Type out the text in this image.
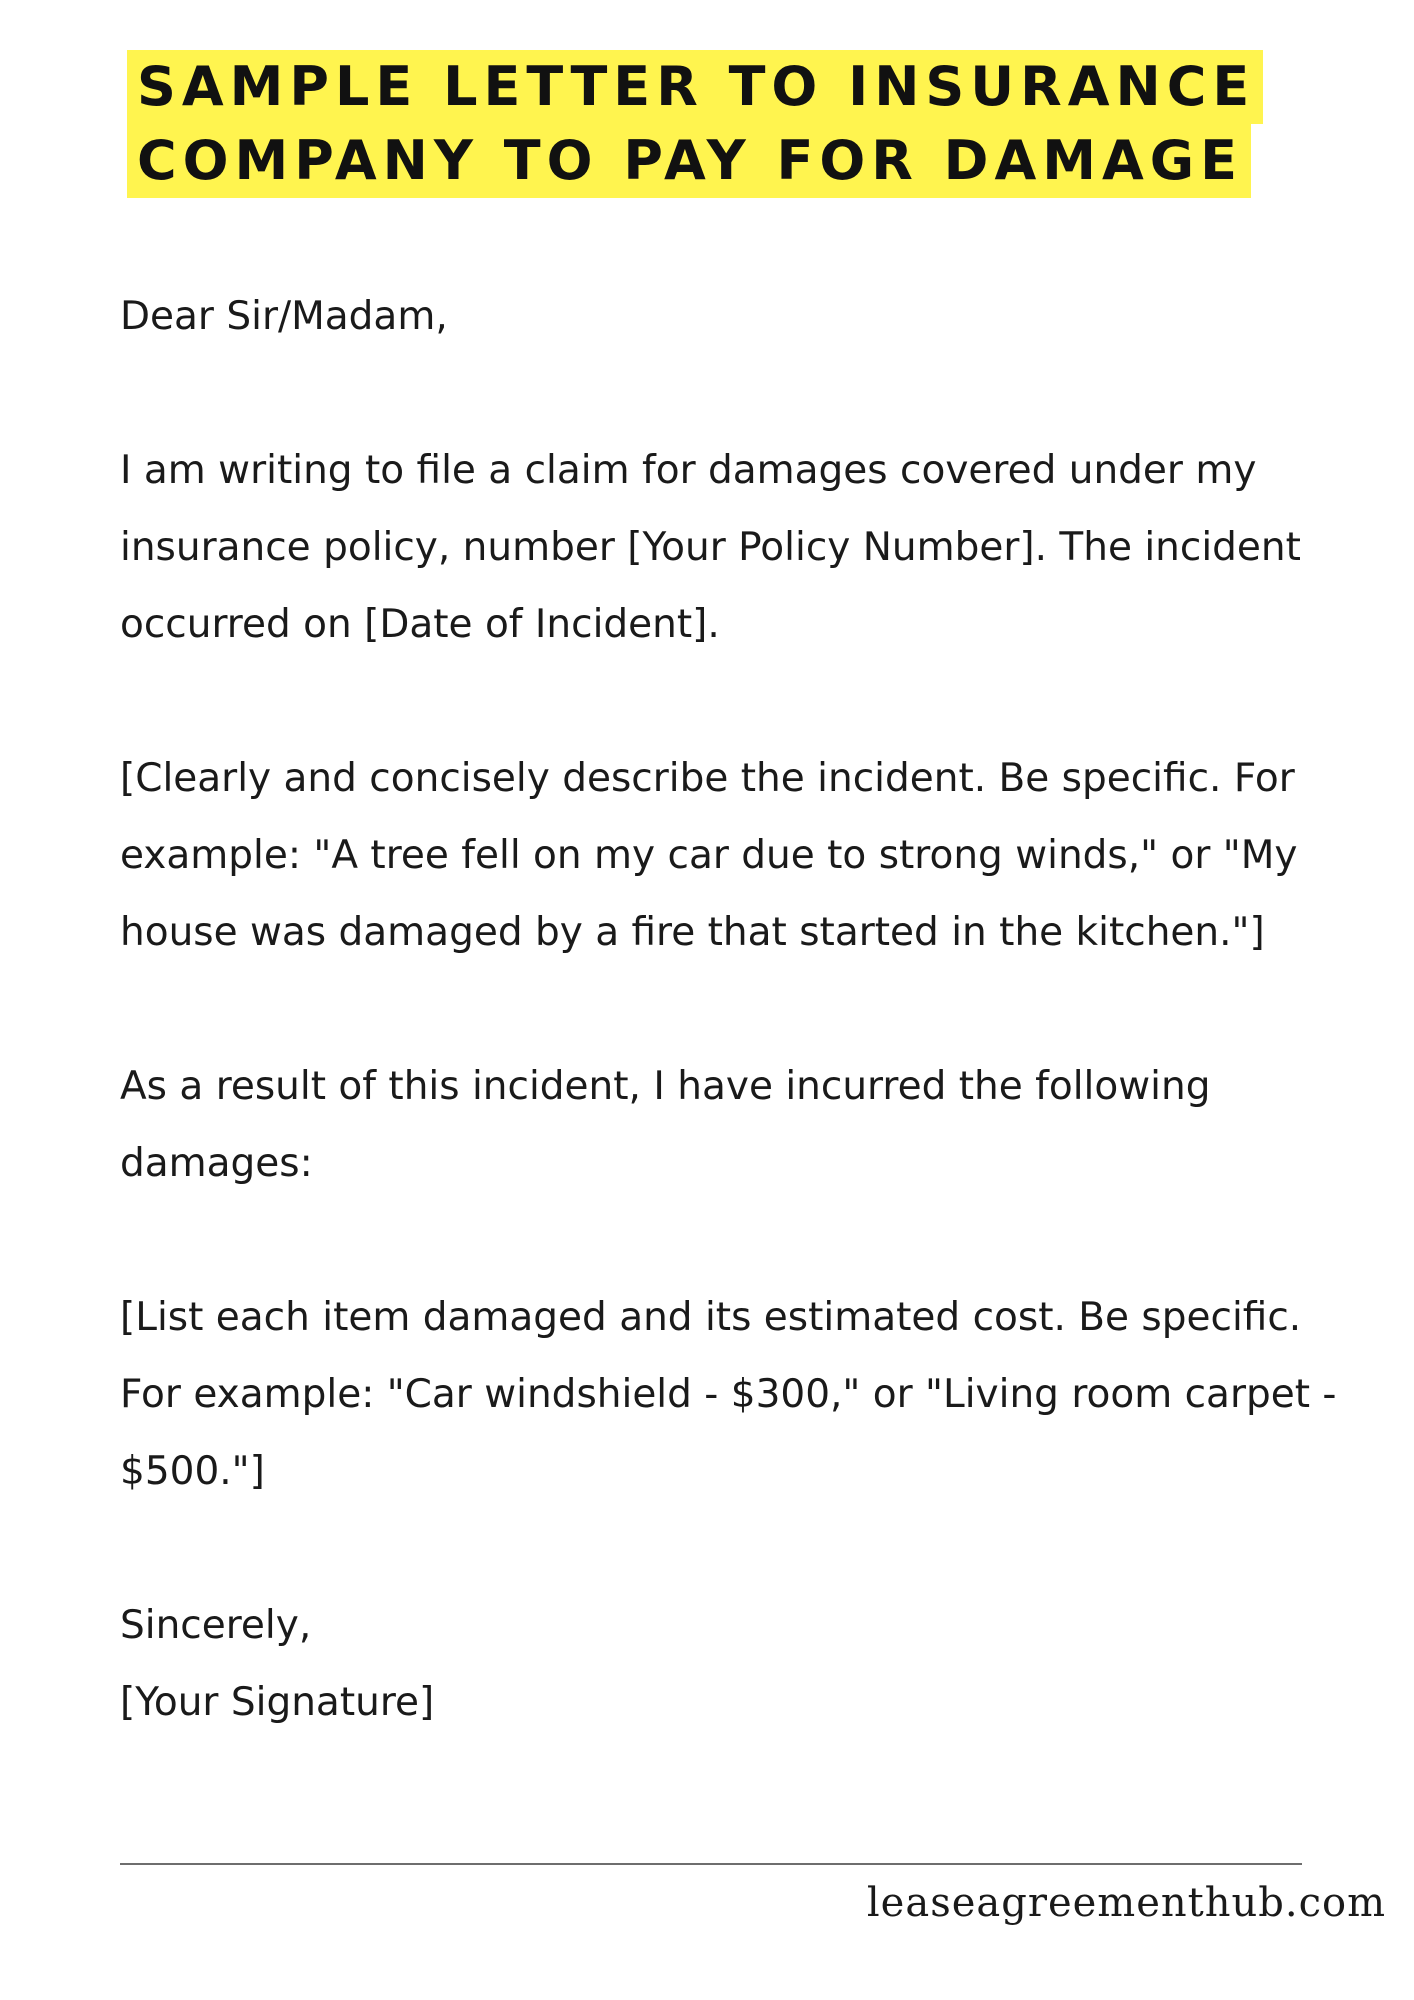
SAMPLE LETTER TO INSURANCE
COMPANY TO PAY FOR DAMAGE

Dear Sir/Madam,

I am writing to file a claim for damages covered under my insurance policy, number [Your Policy Number]. The incident occurred on [Date of Incident].

[Clearly and concisely describe the incident. Be specific. For example: "A tree fell on my car due to strong winds," or "My house was damaged by a fire that started in the kitchen."]

As a result of this incident, I have incurred the following damages:

[List each item damaged and its estimated cost. Be specific. For example: "Car windshield - $300," or "Living room carpet - $500."]

Sincerely,

[Your Signature]

leaseagreementhub.com
